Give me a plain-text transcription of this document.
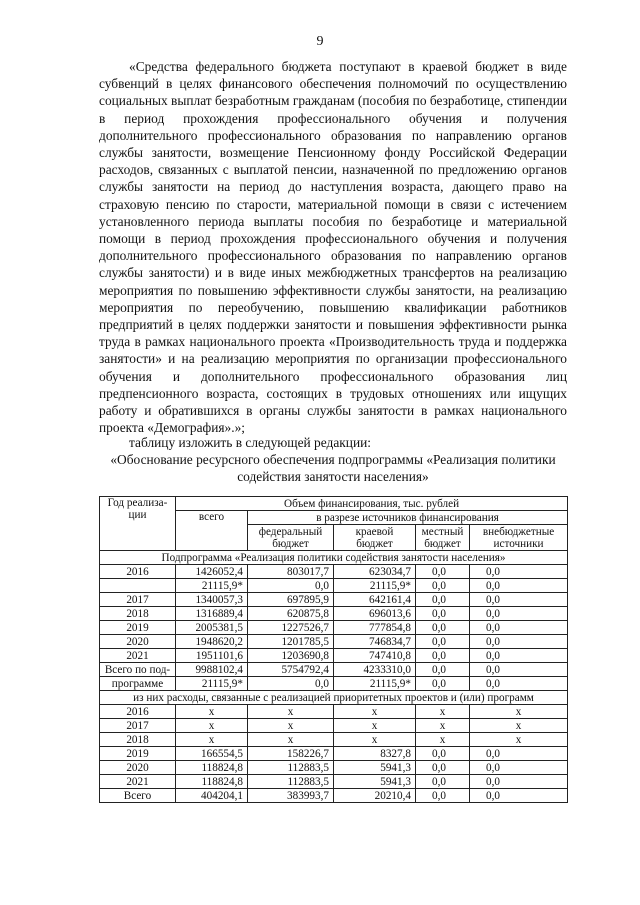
9
«Средства федерального бюджета поступают в краевой бюджет в виде
субвенций в целях финансового обеспечения полномочий по осуществлению
социальных выплат безработным гражданам (пособия по безработице, стипендии
в период прохождения профессионального обучения и получения
дополнительного профессионального образования по направлению органов
службы занятости, возмещение Пенсионному фонду Российской Федерации
расходов, связанных с выплатой пенсии, назначенной по предложению органов
службы занятости на период до наступления возраста, дающего право на
страховую пенсию по старости, материальной помощи в связи с истечением
установленного периода выплаты пособия по безработице и материальной
помощи в период прохождения профессионального обучения и получения
дополнительного профессионального образования по направлению органов
службы занятости) и в виде иных межбюджетных трансфертов на реализацию
мероприятия по повышению эффективности службы занятости, на реализацию
мероприятия по переобучению, повышению квалификации работников
предприятий в целях поддержки занятости и повышения эффективности рынка
труда в рамках национального проекта «Производительность труда и поддержка
занятости» и на реализацию мероприятия по организации профессионального
обучения и дополнительного профессионального образования лиц
предпенсионного возраста, состоящих в трудовых отношениях или ищущих
работу и обратившихся в органы службы занятости в рамках национального
проекта «Демография».»;
таблицу изложить в следующей редакции:
«Обоснование ресурсного обеспечения подпрограммы «Реализация политики
содействия занятости населения»
Год реализа-ции	Объем финансирования, тыс. рублей				
	всего	в разрезе источников финансирования			
		федеральный бюджет	краевой бюджет	местный бюджет	внебюджетные источники
Подпрограмма «Реализация политики содействия занятости населения»					
2016	1426052,4	803017,7	623034,7	0,0	0,0
	21115,9*	0,0	21115,9*	0,0	0,0
2017	1340057,3	697895,9	642161,4	0,0	0,0
2018	1316889,4	620875,8	696013,6	0,0	0,0
2019	2005381,5	1227526,7	777854,8	0,0	0,0
2020	1948620,2	1201785,5	746834,7	0,0	0,0
2021	1951101,6	1203690,8	747410,8	0,0	0,0
Всего по под-	9988102,4	5754792,4	4233310,0	0,0	0,0
программе	21115,9*	0,0	21115,9*	0,0	0,0
из них расходы, связанные с реализацией приоритетных проектов и (или) программ					
2016	х	х	х	х	х
2017	х	х	х	х	х
2018	х	х	х	х	х
2019	166554,5	158226,7	8327,8	0,0	0,0
2020	118824,8	112883,5	5941,3	0,0	0,0
2021	118824,8	112883,5	5941,3	0,0	0,0
Всего	404204,1	383993,7	20210,4	0,0	0,0
